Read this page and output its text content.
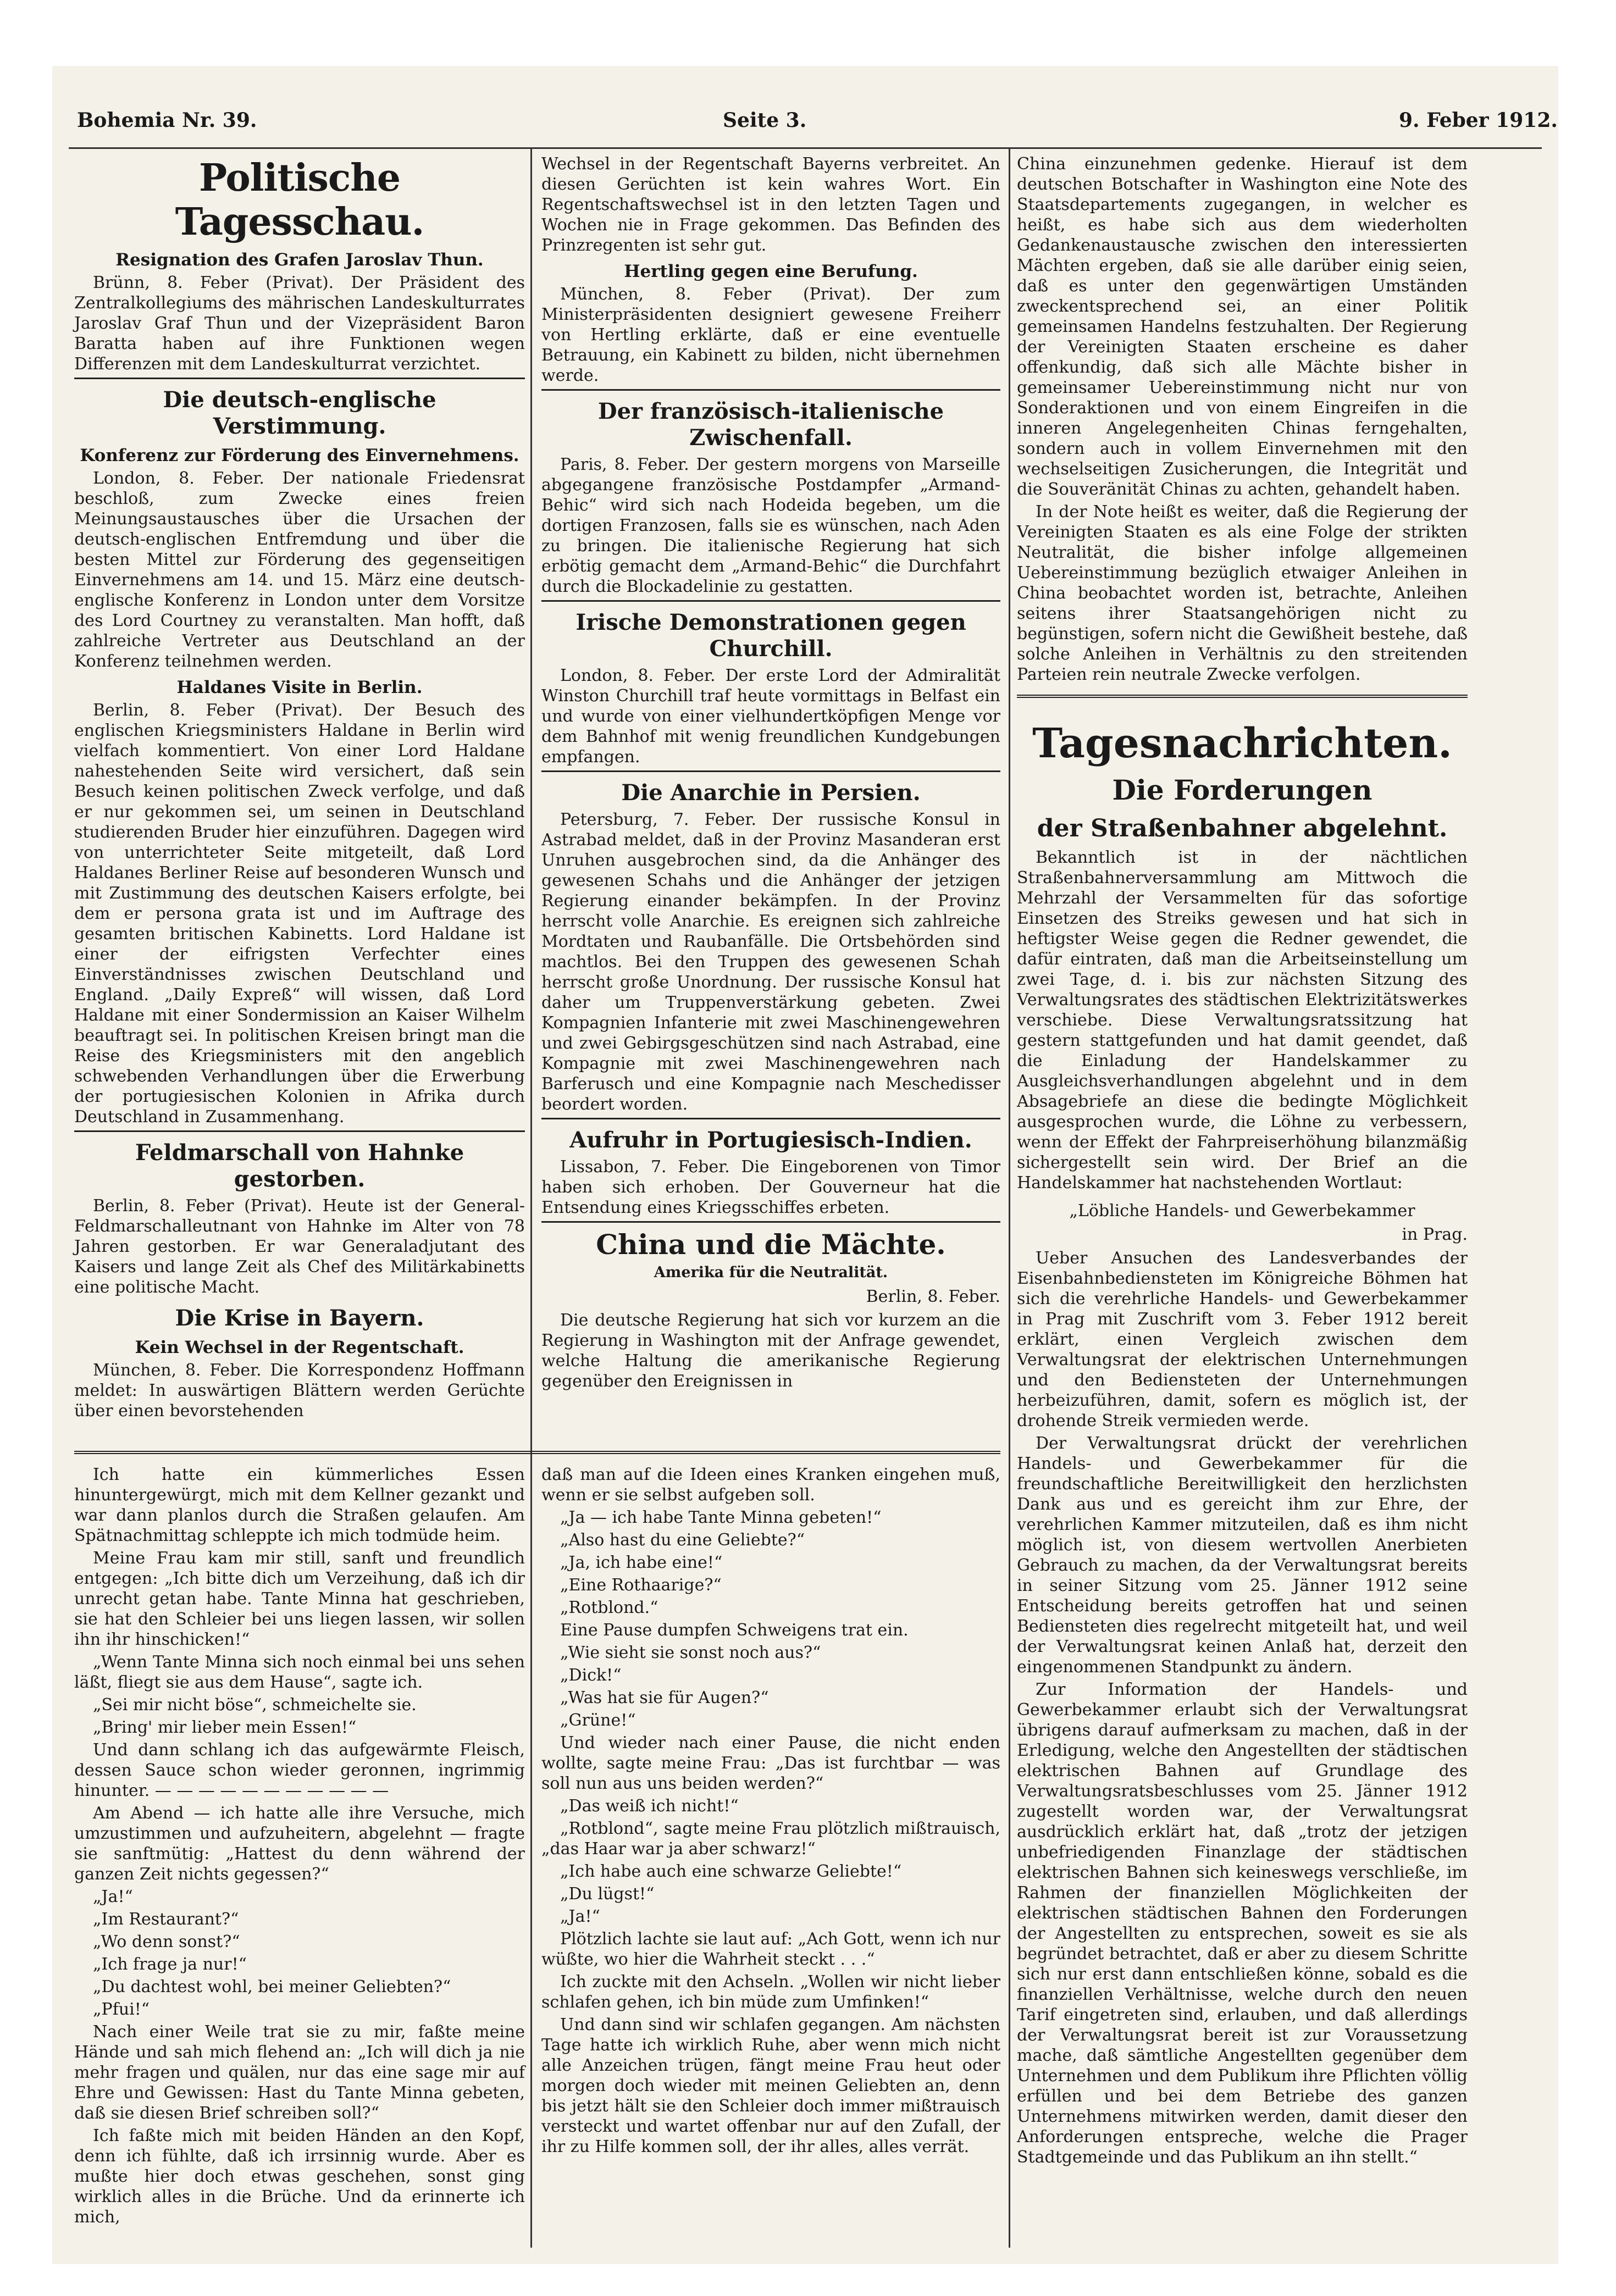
Bohemia Nr. 39.	Seite 3.	9. Feber 1912.
Politische Tagesschau.
Resignation des Grafen Jaroslav Thun.

Brünn, 8. Feber (Privat). Der Präsident des Zentralkollegiums des mährischen Landeskulturrates Jaroslav Graf Thun und der Vizepräsident Baron Baratta haben auf ihre Funktionen wegen Differenzen mit dem Landeskulturrat verzichtet.

Die deutsch-englische Verstimmung.
Konferenz zur Förderung des Einvernehmens.

London, 8. Feber. Der nationale Friedensrat beschloß, zum Zwecke eines freien Meinungsaustausches über die Ursachen der deutsch-englischen Entfremdung und über die besten Mittel zur Förderung des gegenseitigen Einvernehmens am 14. und 15. März eine deutsch-englische Konferenz in London unter dem Vorsitze des Lord Courtney zu veranstalten. Man hofft, daß zahlreiche Vertreter aus Deutschland an der Konferenz teilnehmen werden.

Haldanes Visite in Berlin.

Berlin, 8. Feber (Privat). Der Besuch des englischen Kriegsministers Haldane in Berlin wird vielfach kommentiert. Von einer Lord Haldane nahestehenden Seite wird versichert, daß sein Besuch keinen politischen Zweck verfolge, und daß er nur gekommen sei, um seinen in Deutschland studierenden Bruder hier einzuführen. Dagegen wird von unterrichteter Seite mitgeteilt, daß Lord Haldanes Berliner Reise auf besonderen Wunsch und mit Zustimmung des deutschen Kaisers erfolgte, bei dem er persona grata ist und im Auftrage des gesamten britischen Kabinetts. Lord Haldane ist einer der eifrigsten Verfechter eines Einverständnisses zwischen Deutschland und England. „Daily Expreß“ will wissen, daß Lord Haldane mit einer Sondermission an Kaiser Wilhelm beauftragt sei. In politischen Kreisen bringt man die Reise des Kriegsministers mit den angeblich schwebenden Verhandlungen über die Erwerbung der portugiesischen Kolonien in Afrika durch Deutschland in Zusammenhang.

Feldmarschall von Hahnke gestorben.

Berlin, 8. Feber (Privat). Heute ist der General-Feldmarschalleutnant von Hahnke im Alter von 78 Jahren gestorben. Er war Generaladjutant des Kaisers und lange Zeit als Chef des Militärkabinetts eine politische Macht.

Die Krise in Bayern.
Kein Wechsel in der Regentschaft.

München, 8. Feber. Die Korrespondenz Hoffmann meldet: In auswärtigen Blättern werden Gerüchte über einen bevorstehenden

Wechsel in der Regentschaft Bayerns verbreitet. An diesen Gerüchten ist kein wahres Wort. Ein Regentschaftswechsel ist in den letzten Tagen und Wochen nie in Frage gekommen. Das Befinden des Prinzregenten ist sehr gut.

Hertling gegen eine Berufung.

München, 8. Feber (Privat). Der zum Ministerpräsidenten designiert gewesene Freiherr von Hertling erklärte, daß er eine eventuelle Betrauung, ein Kabinett zu bilden, nicht übernehmen werde.

Der französisch-italienische Zwischenfall.

Paris, 8. Feber. Der gestern morgens von Marseille abgegangene französische Postdampfer „Armand-Behic“ wird sich nach Hodeida begeben, um die dortigen Franzosen, falls sie es wünschen, nach Aden zu bringen. Die italienische Regierung hat sich erbötig gemacht dem „Armand-Behic“ die Durchfahrt durch die Blockadelinie zu gestatten.

Irische Demonstrationen gegen Churchill.

London, 8. Feber. Der erste Lord der Admiralität Winston Churchill traf heute vormittags in Belfast ein und wurde von einer vielhundertköpfigen Menge vor dem Bahnhof mit wenig freundlichen Kundgebungen empfangen.

Die Anarchie in Persien.

Petersburg, 7. Feber. Der russische Konsul in Astrabad meldet, daß in der Provinz Masanderan erst Unruhen ausgebrochen sind, da die Anhänger des gewesenen Schahs und die Anhänger der jetzigen Regierung einander bekämpfen. In der Provinz herrscht volle Anarchie. Es ereignen sich zahlreiche Mordtaten und Raubanfälle. Die Ortsbehörden sind machtlos. Bei den Truppen des gewesenen Schah herrscht große Unordnung. Der russische Konsul hat daher um Truppenverstärkung gebeten. Zwei Kompagnien Infanterie mit zwei Maschinengewehren und zwei Gebirgsgeschützen sind nach Astrabad, eine Kompagnie mit zwei Maschinengewehren nach Barferusch und eine Kompagnie nach Meschedisser beordert worden.

Aufruhr in Portugiesisch-Indien.

Lissabon, 7. Feber. Die Eingeborenen von Timor haben sich erhoben. Der Gouverneur hat die Entsendung eines Kriegsschiffes erbeten.

China und die Mächte.
Amerika für die Neutralität.
Berlin, 8. Feber.

Die deutsche Regierung hat sich vor kurzem an die Regierung in Washington mit der Anfrage gewendet, welche Haltung die amerikanische Regierung gegenüber den Ereignissen in

China einzunehmen gedenke. Hierauf ist dem deutschen Botschafter in Washington eine Note des Staatsdepartements zugegangen, in welcher es heißt, es habe sich aus dem wiederholten Gedankenaustausche zwischen den interessierten Mächten ergeben, daß sie alle darüber einig seien, daß es unter den gegenwärtigen Umständen zweckentsprechend sei, an einer Politik gemeinsamen Handelns festzuhalten. Der Regierung der Vereinigten Staaten erscheine es daher offenkundig, daß sich alle Mächte bisher in gemeinsamer Uebereinstimmung nicht nur von Sonderaktionen und von einem Eingreifen in die inneren Angelegenheiten Chinas ferngehalten, sondern auch in vollem Einvernehmen mit den wechselseitigen Zusicherungen, die Integrität und die Souveränität Chinas zu achten, gehandelt haben.

In der Note heißt es weiter, daß die Regierung der Vereinigten Staaten es als eine Folge der strikten Neutralität, die bisher infolge allgemeinen Uebereinstimmung bezüglich etwaiger Anleihen in China beobachtet worden ist, betrachte, Anleihen seitens ihrer Staatsangehörigen nicht zu begünstigen, sofern nicht die Gewißheit bestehe, daß solche Anleihen in Verhältnis zu den streitenden Parteien rein neutrale Zwecke verfolgen.

Tagesnachrichten.
Die Forderungen
der Straßenbahner abgelehnt.

Bekanntlich ist in der nächtlichen Straßenbahnerversammlung am Mittwoch die Mehrzahl der Versammelten für das sofortige Einsetzen des Streiks gewesen und hat sich in heftigster Weise gegen die Redner gewendet, die dafür eintraten, daß man die Arbeitseinstellung um zwei Tage, d. i. bis zur nächsten Sitzung des Verwaltungsrates des städtischen Elektrizitätswerkes verschiebe. Diese Verwaltungsratssitzung hat gestern stattgefunden und hat damit geendet, daß die Einladung der Handelskammer zu Ausgleichsverhandlungen abgelehnt und in dem Absagebriefe an diese die bedingte Möglichkeit ausgesprochen wurde, die Löhne zu verbessern, wenn der Effekt der Fahrpreiserhöhung bilanzmäßig sichergestellt sein wird. Der Brief an die Handelskammer hat nachstehenden Wortlaut:

„Löbliche Handels- und Gewerbekammer
in Prag.

Ueber Ansuchen des Landesverbandes der Eisenbahnbediensteten im Königreiche Böhmen hat sich die verehrliche Handels- und Gewerbekammer in Prag mit Zuschrift vom 3. Feber 1912 bereit erklärt, einen Vergleich zwischen dem Verwaltungsrat der elektrischen Unternehmungen und den Bediensteten der Unternehmungen herbeizuführen, damit, sofern es möglich ist, der drohende Streik vermieden werde.

Der Verwaltungsrat drückt der verehrlichen Handels- und Gewerbekammer für die freundschaftliche Bereitwilligkeit den herzlichsten Dank aus und es gereicht ihm zur Ehre, der verehrlichen Kammer mitzuteilen, daß es ihm nicht möglich ist, von diesem wertvollen Anerbieten Gebrauch zu machen, da der Verwaltungsrat bereits in seiner Sitzung vom 25. Jänner 1912 seine Entscheidung bereits getroffen hat und seinen Bediensteten dies regelrecht mitgeteilt hat, und weil der Verwaltungsrat keinen Anlaß hat, derzeit den eingenommenen Standpunkt zu ändern.

Zur Information der Handels- und Gewerbekammer erlaubt sich der Verwaltungsrat übrigens darauf aufmerksam zu machen, daß in der Erledigung, welche den Angestellten der städtischen elektrischen Bahnen auf Grundlage des Verwaltungsratsbeschlusses vom 25. Jänner 1912 zugestellt worden war, der Verwaltungsrat ausdrücklich erklärt hat, daß „trotz der jetzigen unbefriedigenden Finanzlage der städtischen elektrischen Bahnen sich keineswegs verschließe, im Rahmen der finanziellen Möglichkeiten der elektrischen städtischen Bahnen den Forderungen der Angestellten zu entsprechen, soweit es sie als begründet betrachtet, daß er aber zu diesem Schritte sich nur erst dann entschließen könne, sobald es die finanziellen Verhältnisse, welche durch den neuen Tarif eingetreten sind, erlauben, und daß allerdings der Verwaltungsrat bereit ist zur Voraussetzung mache, daß sämtliche Angestellten gegenüber dem Unternehmen und dem Publikum ihre Pflichten völlig erfüllen und bei dem Betriebe des ganzen Unternehmens mitwirken werden, damit dieser den Anforderungen entspreche, welche die Prager Stadtgemeinde und das Publikum an ihn stellt.“

Ich hatte ein kümmerliches Essen hinuntergewürgt, mich mit dem Kellner gezankt und war dann planlos durch die Straßen gelaufen. Am Spätnachmittag schleppte ich mich todmüde heim.

Meine Frau kam mir still, sanft und freundlich entgegen: „Ich bitte dich um Verzeihung, daß ich dir unrecht getan habe. Tante Minna hat geschrieben, sie hat den Schleier bei uns liegen lassen, wir sollen ihn ihr hinschicken!“

„Wenn Tante Minna sich noch einmal bei uns sehen läßt, fliegt sie aus dem Hause“, sagte ich.

„Sei mir nicht böse“, schmeichelte sie.

„Bring' mir lieber mein Essen!“

Und dann schlang ich das aufgewärmte Fleisch, dessen Sauce schon wieder geronnen, ingrimmig hinunter. — — — — — — — — — — —

Am Abend — ich hatte alle ihre Versuche, mich umzustimmen und aufzuheitern, abgelehnt — fragte sie sanftmütig: „Hattest du denn während der ganzen Zeit nichts gegessen?“

„Ja!“

„Im Restaurant?“

„Wo denn sonst?“

„Ich frage ja nur!“

„Du dachtest wohl, bei meiner Geliebten?“

„Pfui!“

Nach einer Weile trat sie zu mir, faßte meine Hände und sah mich flehend an: „Ich will dich ja nie mehr fragen und quälen, nur das eine sage mir auf Ehre und Gewissen: Hast du Tante Minna gebeten, daß sie diesen Brief schreiben soll?“

Ich faßte mich mit beiden Händen an den Kopf, denn ich fühlte, daß ich irrsinnig wurde. Aber es mußte hier doch etwas geschehen, sonst ging wirklich alles in die Brüche. Und da erinnerte ich mich,

daß man auf die Ideen eines Kranken eingehen muß, wenn er sie selbst aufgeben soll.

„Ja — ich habe Tante Minna gebeten!“

„Also hast du eine Geliebte?“

„Ja, ich habe eine!“

„Eine Rothaarige?“

„Rotblond.“

Eine Pause dumpfen Schweigens trat ein.

„Wie sieht sie sonst noch aus?“

„Dick!“

„Was hat sie für Augen?“

„Grüne!“

Und wieder nach einer Pause, die nicht enden wollte, sagte meine Frau: „Das ist furchtbar — was soll nun aus uns beiden werden?“

„Das weiß ich nicht!“

„Rotblond“, sagte meine Frau plötzlich mißtrauisch, „das Haar war ja aber schwarz!“

„Ich habe auch eine schwarze Geliebte!“

„Du lügst!“

„Ja!“

Plötzlich lachte sie laut auf: „Ach Gott, wenn ich nur wüßte, wo hier die Wahrheit steckt . . .“

Ich zuckte mit den Achseln. „Wollen wir nicht lieber schlafen gehen, ich bin müde zum Umfinken!“

Und dann sind wir schlafen gegangen. Am nächsten Tage hatte ich wirklich Ruhe, aber wenn mich nicht alle Anzeichen trügen, fängt meine Frau heut oder morgen doch wieder mit meinen Geliebten an, denn bis jetzt hält sie den Schleier doch immer mißtrauisch versteckt und wartet offenbar nur auf den Zufall, der ihr zu Hilfe kommen soll, der ihr alles, alles verrät.
